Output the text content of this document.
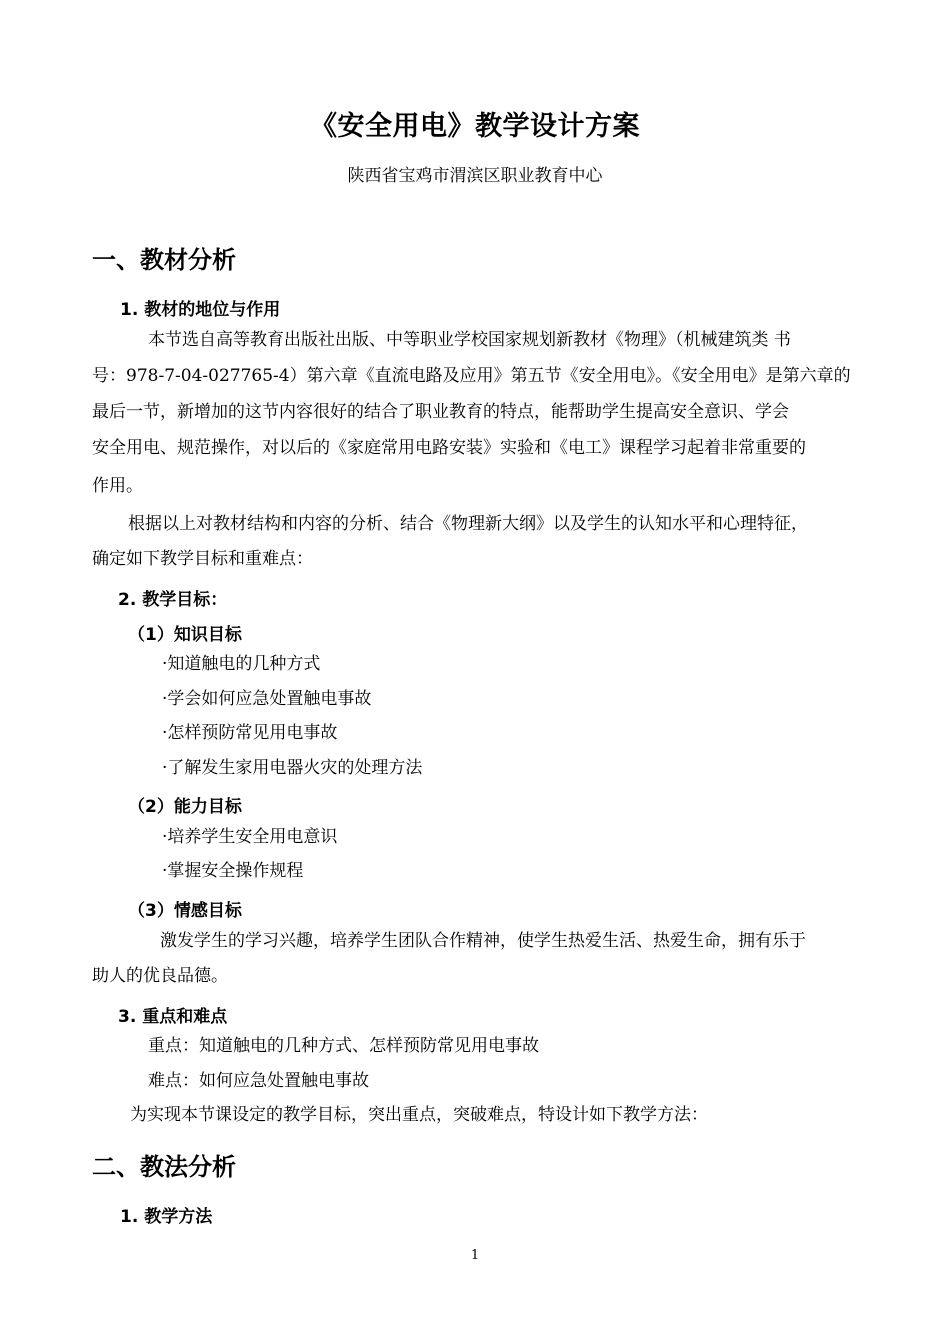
《安全用电》教学设计方案
陕西省宝鸡市渭滨区职业教育中心
一、教材分析
1. 教材的地位与作用
本节选自高等教育出版社出版、中等职业学校国家规划新教材《物理》（机械建筑类 书
号：978-7-04-027765-4）第六章《直流电路及应用》第五节《安全用电》。《安全用电》是第六章的
最后一节，新增加的这节内容很好的结合了职业教育的特点，能帮助学生提高安全意识、学会
安全用电、规范操作，对以后的《家庭常用电路安装》实验和《电工》课程学习起着非常重要的
作用。
根据以上对教材结构和内容的分析、结合《物理新大纲》以及学生的认知水平和心理特征，
确定如下教学目标和重难点：
2. 教学目标：
（1）知识目标
·知道触电的几种方式
·学会如何应急处置触电事故
·怎样预防常见用电事故
·了解发生家用电器火灾的处理方法
（2）能力目标
·培养学生安全用电意识
·掌握安全操作规程
（3）情感目标
激发学生的学习兴趣，培养学生团队合作精神，使学生热爱生活、热爱生命，拥有乐于
助人的优良品德。
3. 重点和难点
重点：知道触电的几种方式、怎样预防常见用电事故
难点：如何应急处置触电事故
为实现本节课设定的教学目标，突出重点，突破难点，特设计如下教学方法：
二、教法分析
1. 教学方法
1
